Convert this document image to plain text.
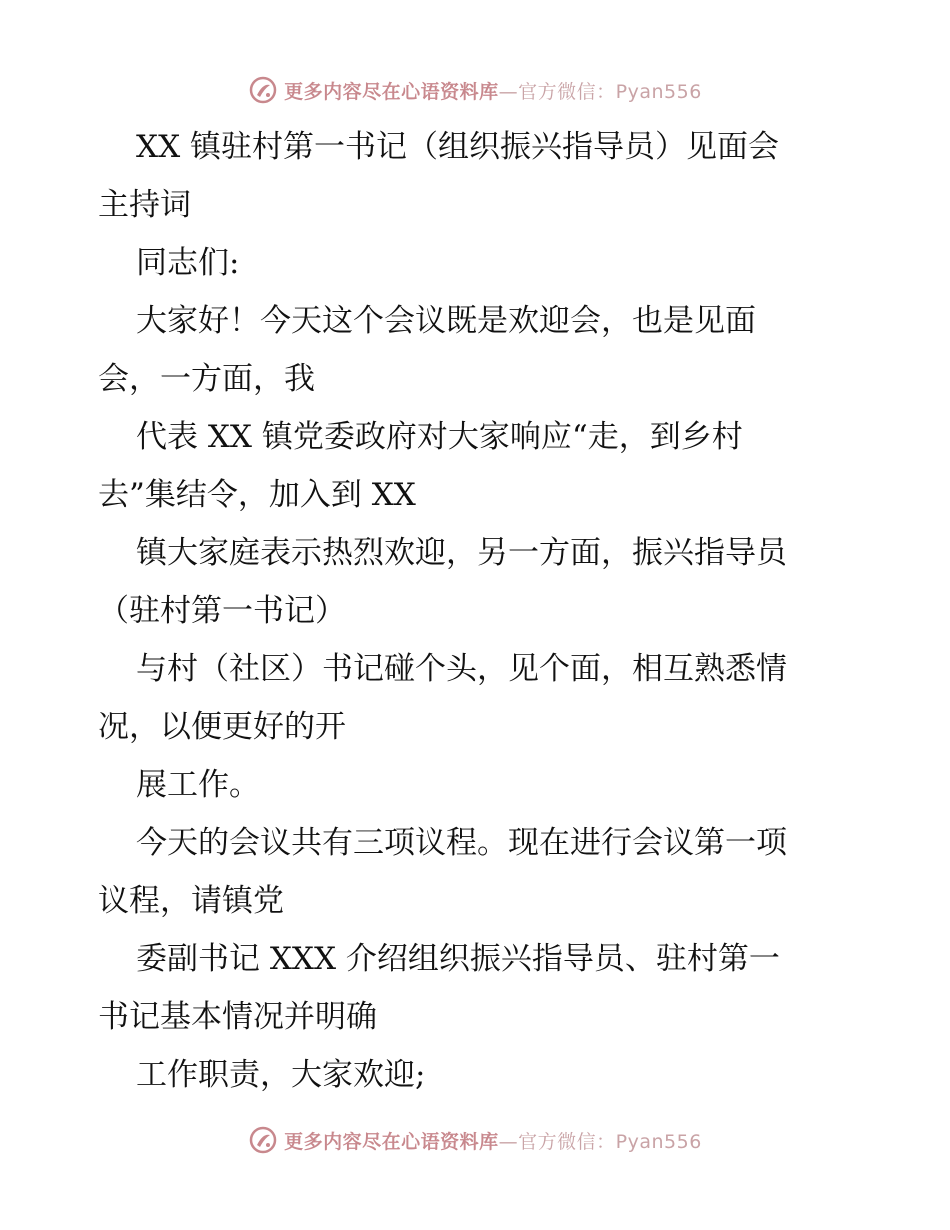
更多内容尽在心语资料库—官方微信：Pyan556
XX 镇驻村第一书记（组织振兴指导员）见面会
主持词
同志们:
大家好！今天这个会议既是欢迎会，也是见面
会，一方面，我
代表 XX 镇党委政府对大家响应“走，到乡村
去”集结令，加入到 XX
镇大家庭表示热烈欢迎，另一方面，振兴指导员
（驻村第一书记）
与村（社区）书记碰个头，见个面，相互熟悉情
况，以便更好的开
展工作。
今天的会议共有三项议程。现在进行会议第一项
议程，请镇党
委副书记 XXX 介绍组织振兴指导员、驻村第一
书记基本情况并明确
工作职责，大家欢迎;
更多内容尽在心语资料库—官方微信：Pyan556
